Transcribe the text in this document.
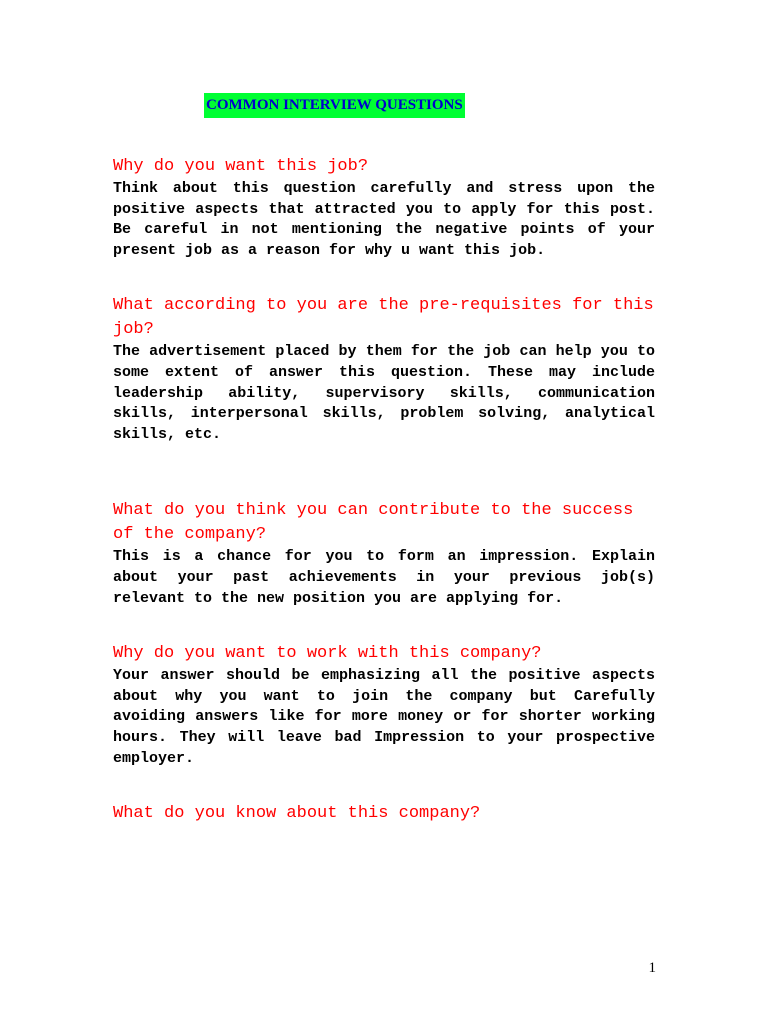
COMMON INTERVIEW QUESTIONS
Why do you want this job?

Think about this question carefully and stress upon the positive aspects that attracted you to apply for this post. Be careful in not mentioning the negative points of your present job as a reason for why u want this job.

What according to you are the pre-requisites for this job?

The advertisement placed by them for the job can help you to some extent of answer this question. These may include leadership ability, supervisory skills, communication skills, interpersonal skills, problem solving, analytical skills, etc.

What do you think you can contribute to the success of the company?

This is a chance for you to form an impression. Explain about your past achievements in your previous job(s) relevant to the new position you are applying for.

Why do you want to work with this company?

Your answer should be emphasizing all the positive aspects about why you want to join the company but Carefully avoiding answers like for more money or for shorter working hours. They will leave bad Impression to your prospective employer.

What do you know about this company?
1
